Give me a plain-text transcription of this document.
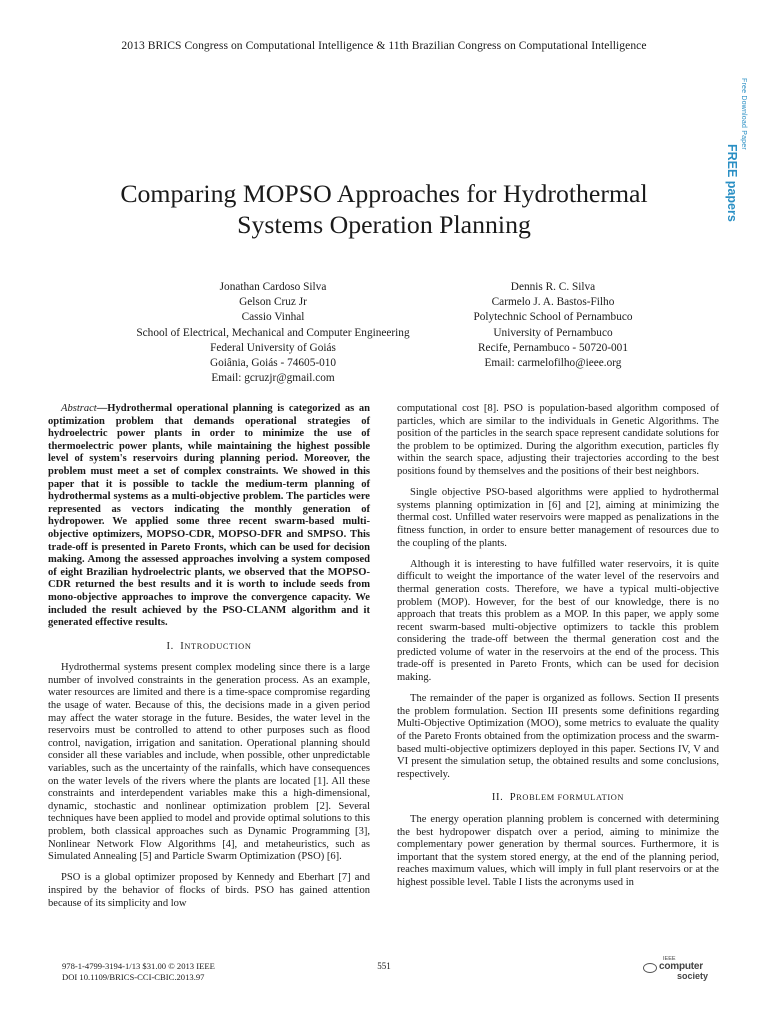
2013 BRICS Congress on Computational Intelligence & 11th Brazilian Congress on Computational Intelligence
Free Download Paper
FREE papers
Comparing MOPSO Approaches for Hydrothermal
Systems Operation Planning
Jonathan Cardoso Silva
Gelson Cruz Jr
Cassio Vinhal
School of Electrical, Mechanical and Computer Engineering
Federal University of Goiás
Goiânia, Goiás - 74605-010
Email: gcruzjr@gmail.com
Dennis R. C. Silva
Carmelo J. A. Bastos-Filho
Polytechnic School of Pernambuco
University of Pernambuco
Recife, Pernambuco - 50720-001
Email: carmelofilho@ieee.org

Abstract—Hydrothermal operational planning is categorized as an optimization problem that demands operational strategies of hydroelectric power plants in order to minimize the use of thermoelectric power plants, while maintaining the highest possible level of system's reservoirs during planning period. Moreover, the problem must meet a set of complex constraints. We showed in this paper that it is possible to tackle the medium-term planning of hydrothermal systems as a multi-objective problem. The particles were represented as vectors indicating the monthly generation of hydropower. We applied some three recent swarm-based multi-objective optimizers, MOPSO-CDR, MOPSO-DFR and SMPSO. This trade-off is presented in Pareto Fronts, which can be used for decision making. Among the assessed approaches involving a system composed of eight Brazilian hydroelectric plants, we observed that the MOPSO-CDR returned the best results and it is worth to include seeds from mono-objective approaches to improve the convergence capacity. We included the result achieved by the PSO-CLANM algorithm and it generated effective results.

I. INTRODUCTION

Hydrothermal systems present complex modeling since there is a large number of involved constraints in the generation process. As an example, water resources are limited and there is a time-space compromise regarding the usage of water. Because of this, the decisions made in a given period may affect the water storage in the future. Besides, the water level in the reservoirs must be controlled to attend to other purposes such as flood control, navigation, irrigation and sanitation. Operational planning should consider all these variables and include, when possible, other unpredictable variables, such as the uncertainty of the rainfalls, which have consequences on the water levels of the rivers where the plants are located [1]. All these constraints and interdependent variables make this a high-dimensional, dynamic, stochastic and nonlinear optimization problem [2]. Several techniques have been applied to model and provide optimal solutions to this problem, both classical approaches such as Dynamic Programming [3], Nonlinear Network Flow Algorithms [4], and metaheuristics, such as Simulated Annealing [5] and Particle Swarm Optimization (PSO) [6].

PSO is a global optimizer proposed by Kennedy and Eberhart [7] and inspired by the behavior of flocks of birds. PSO has gained attention because of its simplicity and low

computational cost [8]. PSO is population-based algorithm composed of particles, which are similar to the individuals in Genetic Algorithms. The position of the particles in the search space represent candidate solutions for the problem to be optimized. During the algorithm execution, particles fly within the search space, adjusting their trajectories according to the best positions found by themselves and the positions of their best neighbors.

Single objective PSO-based algorithms were applied to hydrothermal systems planning optimization in [6] and [2], aiming at minimizing the thermal cost. Unfilled water reservoirs were mapped as penalizations in the fitness function, in order to ensure better management of resources due to the coupling of the plants.

Although it is interesting to have fulfilled water reservoirs, it is quite difficult to weight the importance of the water level of the reservoirs and thermal generation costs. Therefore, we have a typical multi-objective problem (MOP). However, for the best of our knowledge, there is no approach that treats this problem as a MOP. In this paper, we apply some recent swarm-based multi-objective optimizers to tackle this problem considering the trade-off between the thermal generation cost and the predicted volume of water in the reservoirs at the end of the process. This trade-off is presented in Pareto Fronts, which can be used for decision making.

The remainder of the paper is organized as follows. Section II presents the problem formulation. Section III presents some definitions regarding Multi-Objective Optimization (MOO), some metrics to evaluate the quality of the Pareto Fronts obtained from the optimization process and the swarm-based multi-objective optimizers deployed in this paper. Sections IV, V and VI present the simulation setup, the obtained results and some conclusions, respectively.

II. PROBLEM FORMULATION

The energy operation planning problem is concerned with determining the best hydropower dispatch over a period, aiming to minimize the complementary power generation by thermal sources. Furthermore, it is important that the system stored energy, at the end of the planning period, reaches maximum values, which will imply in full plant reservoirs or at the highest possible level. Table I lists the acronyms used in

978-1-4799-3194-1/13 $31.00 © 2013 IEEE
DOI 10.1109/BRICS-CCI-CBIC.2013.97
551
IEEE
computer
society
